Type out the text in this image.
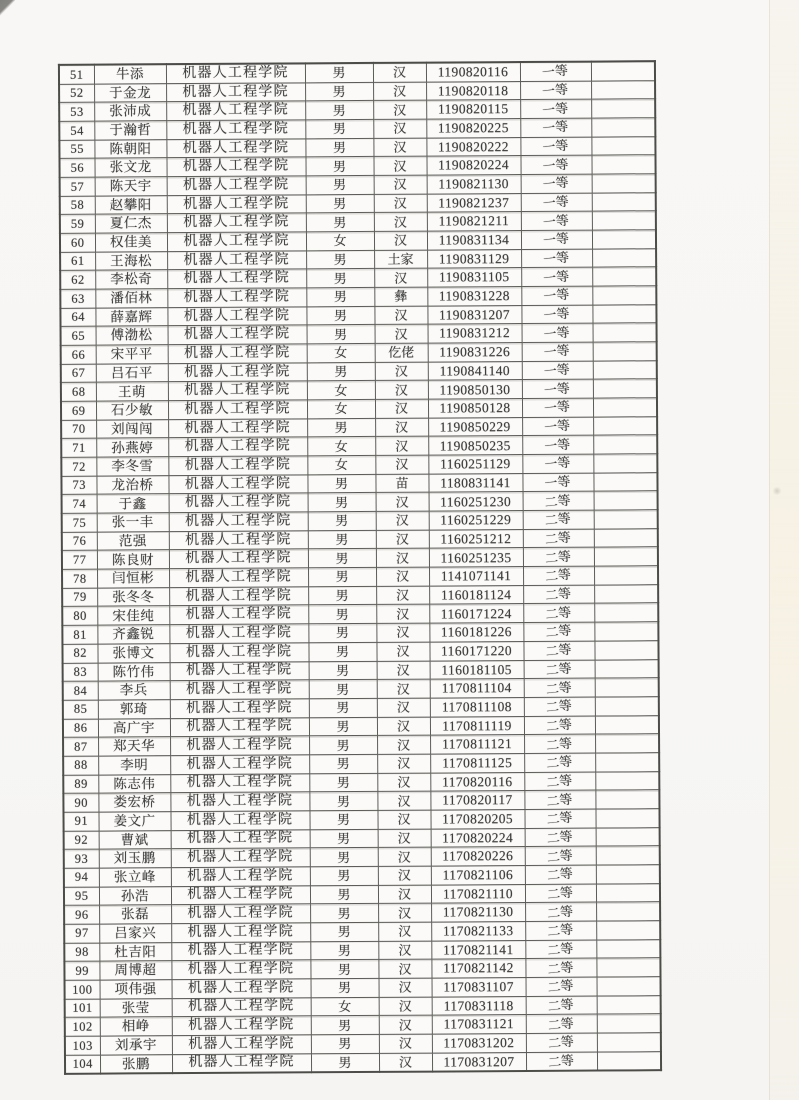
51	牛添	机器人工程学院	男	汉	1190820116	一等	
52	于金龙	机器人工程学院	男	汉	1190820118	一等	
53	张沛成	机器人工程学院	男	汉	1190820115	一等	
54	于瀚哲	机器人工程学院	男	汉	1190820225	一等	
55	陈朝阳	机器人工程学院	男	汉	1190820222	一等	
56	张文龙	机器人工程学院	男	汉	1190820224	一等	
57	陈天宇	机器人工程学院	男	汉	1190821130	一等	
58	赵攀阳	机器人工程学院	男	汉	1190821237	一等	
59	夏仁杰	机器人工程学院	男	汉	1190821211	一等	
60	权佳美	机器人工程学院	女	汉	1190831134	一等	
61	王海松	机器人工程学院	男	土家	1190831129	一等	
62	李松奇	机器人工程学院	男	汉	1190831105	一等	
63	潘佰林	机器人工程学院	男	彝	1190831228	一等	
64	薛嘉辉	机器人工程学院	男	汉	1190831207	一等	
65	傅渤松	机器人工程学院	男	汉	1190831212	一等	
66	宋平平	机器人工程学院	女	仡佬	1190831226	一等	
67	吕石平	机器人工程学院	男	汉	1190841140	一等	
68	王萌	机器人工程学院	女	汉	1190850130	一等	
69	石少敏	机器人工程学院	女	汉	1190850128	一等	
70	刘闯闯	机器人工程学院	男	汉	1190850229	一等	
71	孙燕婷	机器人工程学院	女	汉	1190850235	一等	
72	李冬雪	机器人工程学院	女	汉	1160251129	一等	
73	龙治桥	机器人工程学院	男	苗	1180831141	一等	
74	于鑫	机器人工程学院	男	汉	1160251230	二等	
75	张一丰	机器人工程学院	男	汉	1160251229	二等	
76	范强	机器人工程学院	男	汉	1160251212	二等	
77	陈良财	机器人工程学院	男	汉	1160251235	二等	
78	闫恒彬	机器人工程学院	男	汉	1141071141	二等	
79	张冬冬	机器人工程学院	男	汉	1160181124	二等	
80	宋佳纯	机器人工程学院	男	汉	1160171224	二等	
81	齐鑫锐	机器人工程学院	男	汉	1160181226	二等	
82	张博文	机器人工程学院	男	汉	1160171220	二等	
83	陈竹伟	机器人工程学院	男	汉	1160181105	二等	
84	李兵	机器人工程学院	男	汉	1170811104	二等	
85	郭琦	机器人工程学院	男	汉	1170811108	二等	
86	高广宇	机器人工程学院	男	汉	1170811119	二等	
87	郑天华	机器人工程学院	男	汉	1170811121	二等	
88	李明	机器人工程学院	男	汉	1170811125	二等	
89	陈志伟	机器人工程学院	男	汉	1170820116	二等	
90	娄宏桥	机器人工程学院	男	汉	1170820117	二等	
91	姜文广	机器人工程学院	男	汉	1170820205	二等	
92	曹斌	机器人工程学院	男	汉	1170820224	二等	
93	刘玉鹏	机器人工程学院	男	汉	1170820226	二等	
94	张立峰	机器人工程学院	男	汉	1170821106	二等	
95	孙浩	机器人工程学院	男	汉	1170821110	二等	
96	张磊	机器人工程学院	男	汉	1170821130	二等	
97	吕家兴	机器人工程学院	男	汉	1170821133	二等	
98	杜吉阳	机器人工程学院	男	汉	1170821141	二等	
99	周博超	机器人工程学院	男	汉	1170821142	二等	
100	项伟强	机器人工程学院	男	汉	1170831107	二等	
101	张莹	机器人工程学院	女	汉	1170831118	二等	
102	相峥	机器人工程学院	男	汉	1170831121	二等	
103	刘承宇	机器人工程学院	男	汉	1170831202	二等	
104	张鹏	机器人工程学院	男	汉	1170831207	二等	
